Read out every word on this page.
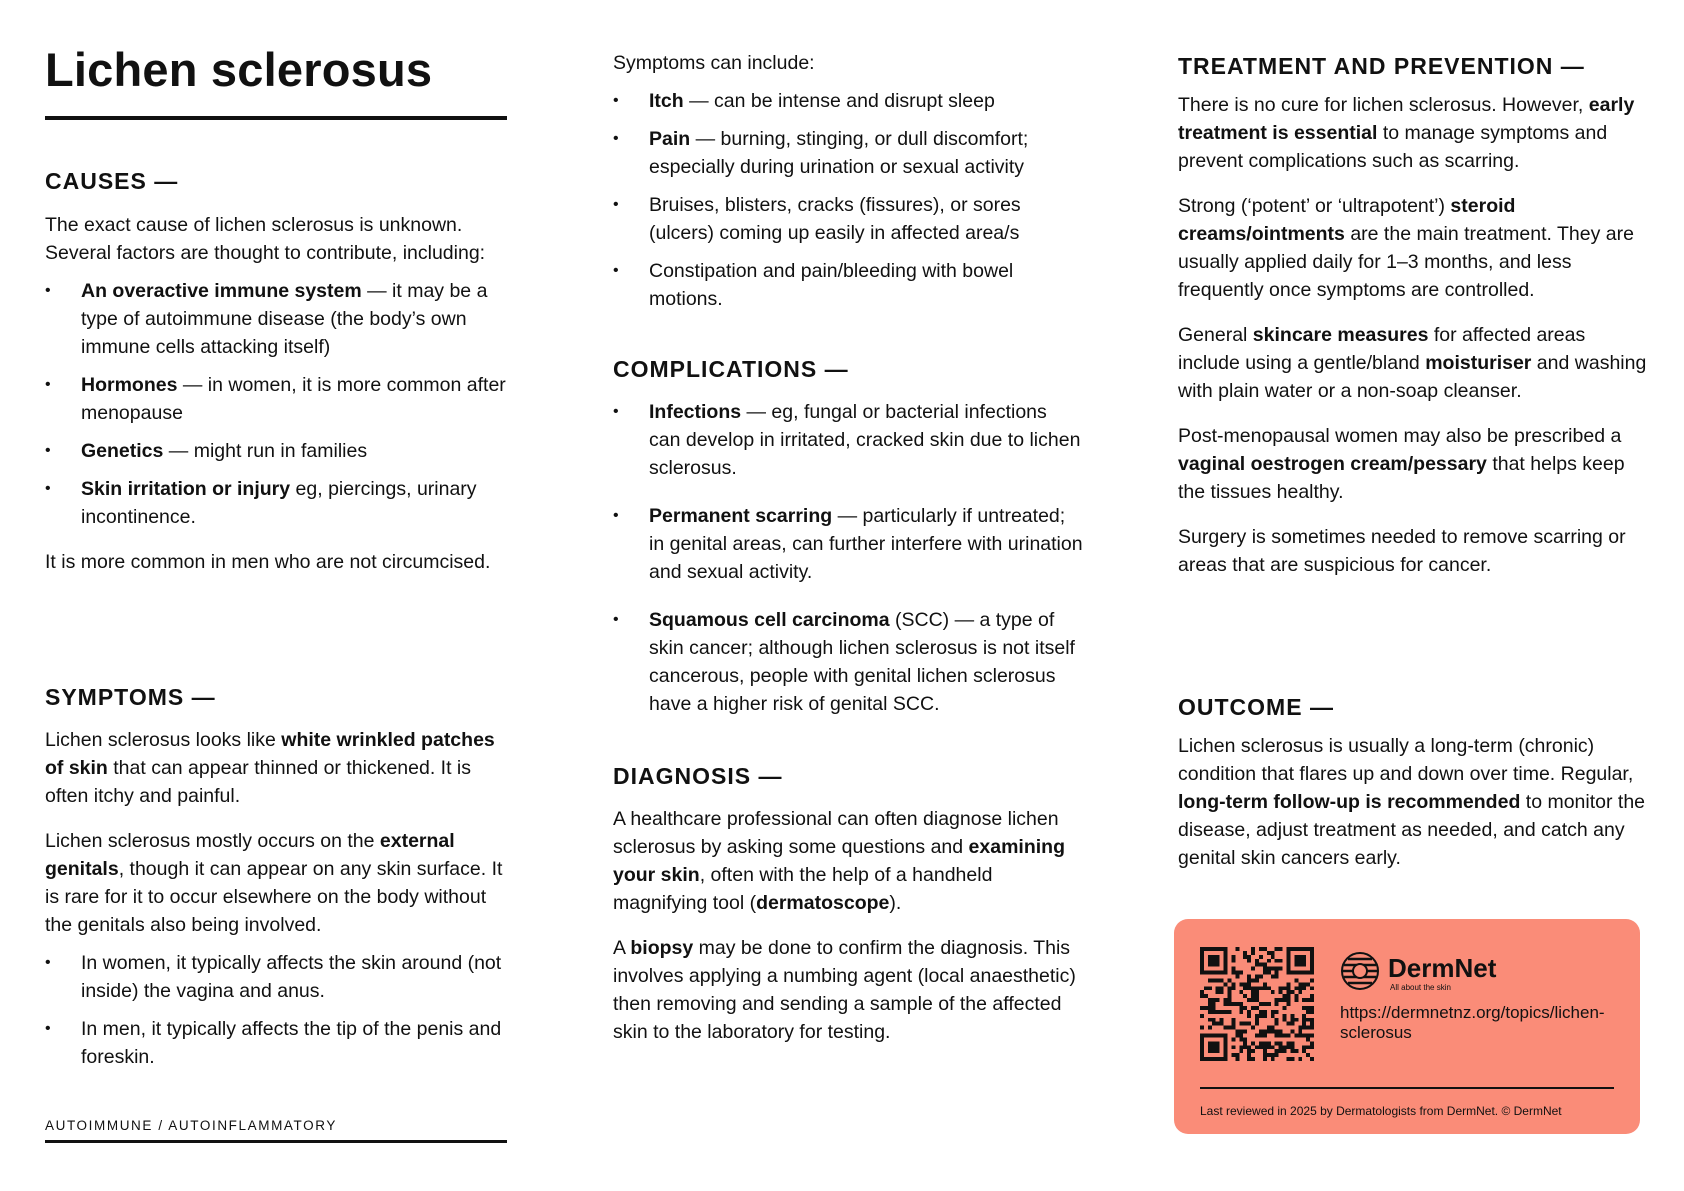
Lichen sclerosus
CAUSES —

The exact cause of lichen sclerosus is unknown. Several factors are thought to contribute, including:

• An overactive immune system — it may be a type of autoimmune disease (the body’s own immune cells attacking itself)
• Hormones — in women, it is more common after menopause
• Genetics — might run in families
• Skin irritation or injury eg, piercings, urinary incontinence.

It is more common in men who are not circumcised.

SYMPTOMS —

Lichen sclerosus looks like white wrinkled patches of skin that can appear thinned or thickened. It is often itchy and painful.

Lichen sclerosus mostly occurs on the external genitals, though it can appear on any skin surface. It is rare for it to occur elsewhere on the body without the genitals also being involved.

• In women, it typically affects the skin around (not inside) the vagina and anus.
• In men, it typically affects the tip of the penis and foreskin.
AUTOIMMUNE / AUTOINFLAMMATORY

Symptoms can include:

• Itch — can be intense and disrupt sleep
• Pain — burning, stinging, or dull discomfort; especially during urination or sexual activity
• Bruises, blisters, cracks (fissures), or sores (ulcers) coming up easily in affected area/s
• Constipation and pain/bleeding with bowel motions.
COMPLICATIONS —
• Infections — eg, fungal or bacterial infections can develop in irritated, cracked skin due to lichen sclerosus.
• Permanent scarring — particularly if untreated; in genital areas, can further interfere with urination and sexual activity.
• Squamous cell carcinoma (SCC) — a type of skin cancer; although lichen sclerosus is not itself cancerous, people with genital lichen sclerosus have a higher risk of genital SCC.
DIAGNOSIS —

A healthcare professional can often diagnose lichen sclerosus by asking some questions and examining your skin, often with the help of a handheld magnifying tool (dermatoscope).

A biopsy may be done to confirm the diagnosis. This involves applying a numbing agent (local anaesthetic) then removing and sending a sample of the affected skin to the laboratory for testing.

TREATMENT AND PREVENTION —

There is no cure for lichen sclerosus. However, early treatment is essential to manage symptoms and prevent complications such as scarring.

Strong (‘potent’ or ‘ultrapotent’) steroid creams/ointments are the main treatment. They are usually applied daily for 1–3 months, and less frequently once symptoms are controlled.

General skincare measures for affected areas include using a gentle/bland moisturiser and washing with plain water or a non-soap cleanser.

Post-menopausal women may also be prescribed a vaginal oestrogen cream/pessary that helps keep the tissues healthy.

Surgery is sometimes needed to remove scarring or areas that are suspicious for cancer.

OUTCOME —

Lichen sclerosus is usually a long-term (chronic) condition that flares up and down over time. Regular, long-term follow-up is recommended to monitor the disease, adjust treatment as needed, and catch any genital skin cancers early.

DermNet
All about the skin
https://dermnetnz.org/topics/lichen-sclerosus
Last reviewed in 2025 by Dermatologists from DermNet. © DermNet
